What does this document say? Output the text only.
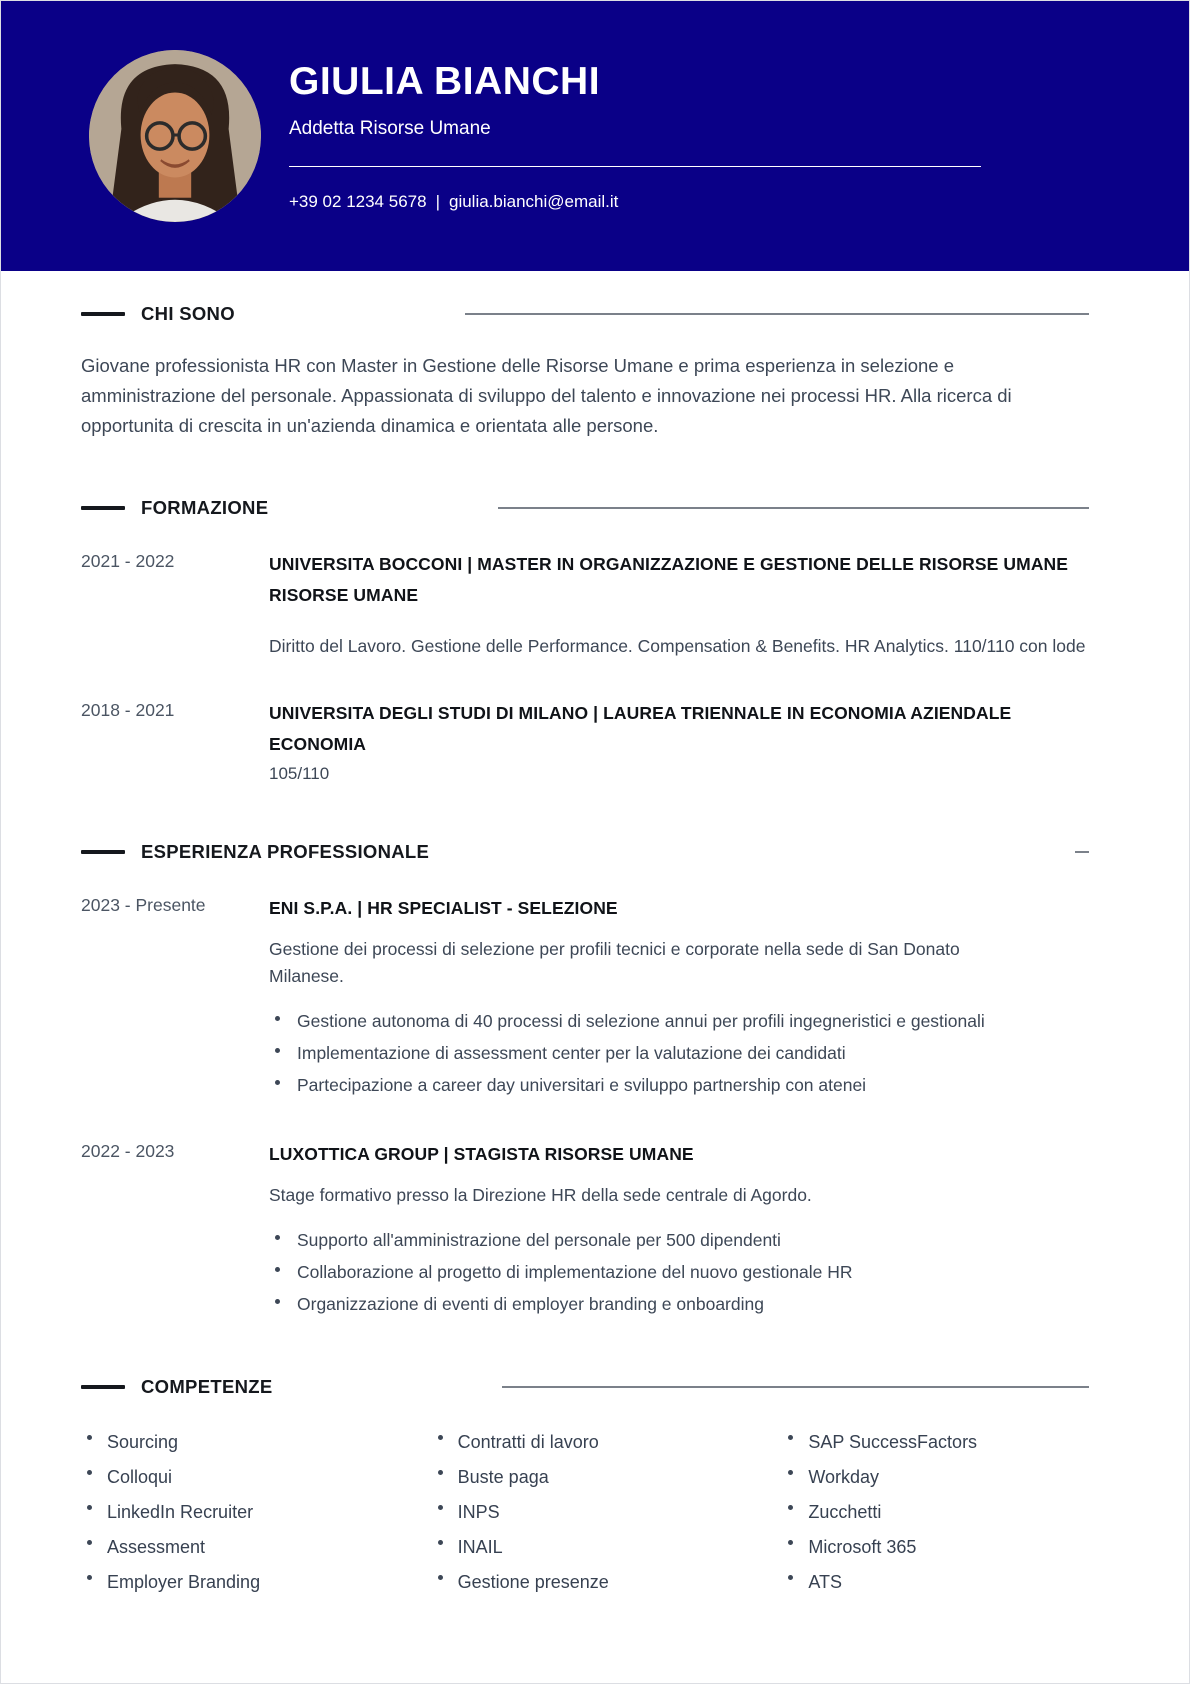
GIULIA BIANCHI
Addetta Risorse Umane
+39 02 1234 5678 | giulia.bianchi@email.it
CHI SONO

Giovane professionista HR con Master in Gestione delle Risorse Umane e prima esperienza in selezione e amministrazione del personale. Appassionata di sviluppo del talento e innovazione nei processi HR. Alla ricerca di opportunita di crescita in un'azienda dinamica e orientata alle persone.

FORMAZIONE
2021 - 2022	UNIVERSITA BOCCONI | MASTER IN ORGANIZZAZIONE E GESTIONE DELLE RISORSE UMANE RISORSE UMANE

Diritto del Lavoro. Gestione delle Performance. Compensation & Benefits. HR Analytics. 110/110 con lode

2018 - 2021	UNIVERSITA DEGLI STUDI DI MILANO | LAUREA TRIENNALE IN ECONOMIA AZIENDALE ECONOMIA

105/110

ESPERIENZA PROFESSIONALE
2023 - Presente	ENI S.P.A. | HR SPECIALIST - SELEZIONE

Gestione dei processi di selezione per profili tecnici e corporate nella sede di San Donato Milanese.

Gestione autonoma di 40 processi di selezione annui per profili ingegneristici e gestionali
Implementazione di assessment center per la valutazione dei candidati
Partecipazione a career day universitari e sviluppo partnership con atenei
2022 - 2023	LUXOTTICA GROUP | STAGISTA RISORSE UMANE

Stage formativo presso la Direzione HR della sede centrale di Agordo.

Supporto all'amministrazione del personale per 500 dipendenti
Collaborazione al progetto di implementazione del nuovo gestionale HR
Organizzazione di eventi di employer branding e onboarding
COMPETENZE
Sourcing	Contratti di lavoro	SAP SuccessFactors
Colloqui	Buste paga	Workday
LinkedIn Recruiter	INPS	Zucchetti
Assessment	INAIL	Microsoft 365
Employer Branding	Gestione presenze	ATS
